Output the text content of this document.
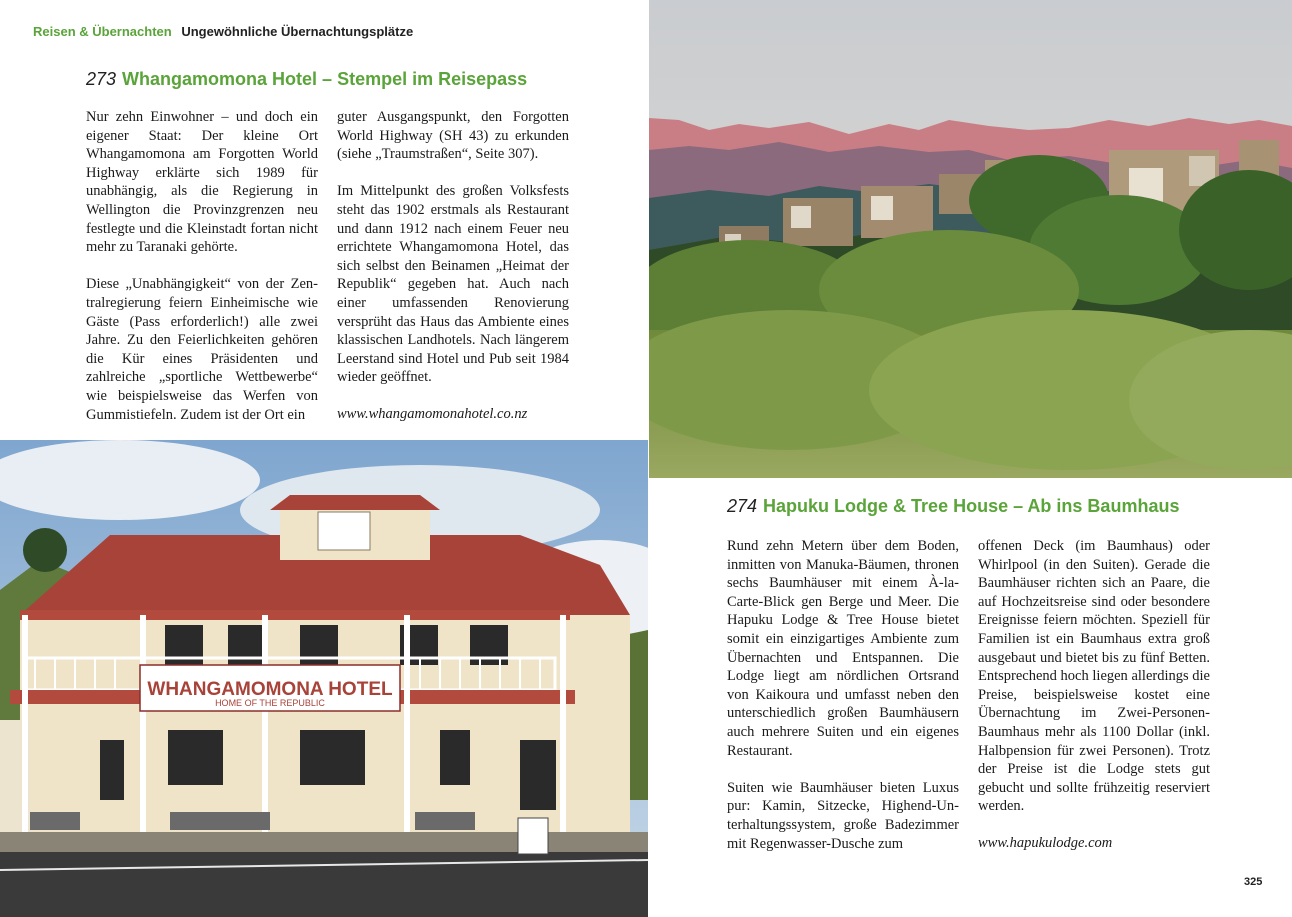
Reisen & Übernachten Ungewöhnliche Übernachtungsplätze
273 Whangamomona Hotel – Stempel im Reisepass

Nur zehn Einwohner – und doch ein eigener Staat: Der kleine Ort Whangamomona am Forgotten World Highway erklärte sich 1989 für unabhängig, als die Regierung in Wellington die Provinzgrenzen neu festlegte und die Kleinstadt fortan nicht mehr zu Taranaki gehörte.

Diese „Unabhängigkeit“ von der Zentralregierung feiern Einheimische wie Gäste (Pass erforderlich!) alle zwei Jahre. Zu den Feierlichkeiten gehören die Kür eines Präsidenten und zahlreiche „sportliche Wettbewerbe“ wie beispielsweise das Werfen von Gummistiefeln. Zudem ist der Ort ein

guter Ausgangspunkt, den Forgotten World Highway (SH 43) zu erkunden (siehe „Traumstraßen“, Seite 307).

Im Mittelpunkt des großen Volksfests steht das 1902 erstmals als Restaurant und dann 1912 nach einem Feuer neu errichtete Whangamomona Hotel, das sich selbst den Beinamen „Heimat der Republik“ gegeben hat. Auch nach einer umfassenden Renovierung versprüht das Haus das Ambiente eines klassischen Landhotels. Nach längerem Leerstand sind Hotel und Pub seit 1984 wieder geöffnet.

www.whangamomonahotel.co.nz
WHANGAMOMONA HOTEL
HOME OF THE REPUBLIC
274 Hapuku Lodge & Tree House – Ab ins Baumhaus

Rund zehn Metern über dem Boden, inmitten von Manuka-Bäumen, thronen sechs Baumhäuser mit einem À-la-Carte-Blick gen Berge und Meer. Die Hapuku Lodge & Tree House bietet somit ein einzigartiges Ambiente zum Übernachten und Entspannen. Die Lodge liegt am nördlichen Ortsrand von Kaikoura und umfasst neben den unterschiedlich großen Baumhäusern auch mehrere Suiten und ein eigenes Restaurant.

Suiten wie Baumhäuser bieten Luxus pur: Kamin, Sitzecke, Highend-Unterhaltungssystem, große Badezimmer mit Regenwasser-Dusche zum

offenen Deck (im Baumhaus) oder Whirlpool (in den Suiten). Gerade die Baumhäuser richten sich an Paare, die auf Hochzeitsreise sind oder besondere Ereignisse feiern möchten. Speziell für Familien ist ein Baumhaus extra groß ausgebaut und bietet bis zu fünf Betten. Entsprechend hoch liegen allerdings die Preise, beispielsweise kostet eine Übernachtung im Zwei-Personen-Baumhaus mehr als 1100 Dollar (inkl. Halbpension für zwei Personen). Trotz der Preise ist die Lodge stets gut gebucht und sollte frühzeitig reserviert werden.

www.hapukulodge.com
325
